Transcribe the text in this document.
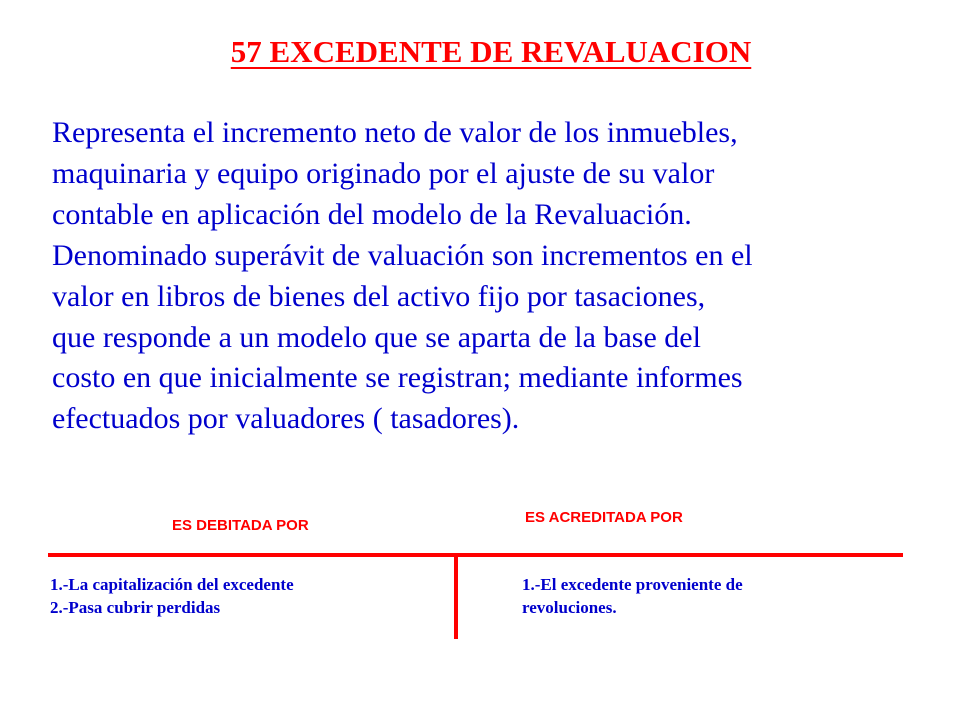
57 EXCEDENTE DE REVALUACION
Representa el incremento neto de valor de los inmuebles,
maquinaria y equipo originado por el ajuste de su valor
contable en aplicación del modelo de la Revaluación.
Denominado superávit de valuación son incrementos en el
valor en libros de bienes del activo fijo por tasaciones,
que responde a un modelo que se aparta de la base del
costo en que inicialmente se registran; mediante informes
efectuados por valuadores ( tasadores).
ES DEBITADA POR	ES ACREDITADA POR
1.-La capitalización del excedente
2.-Pasa cubrir perdidas
1.-El excedente proveniente de
revoluciones.
